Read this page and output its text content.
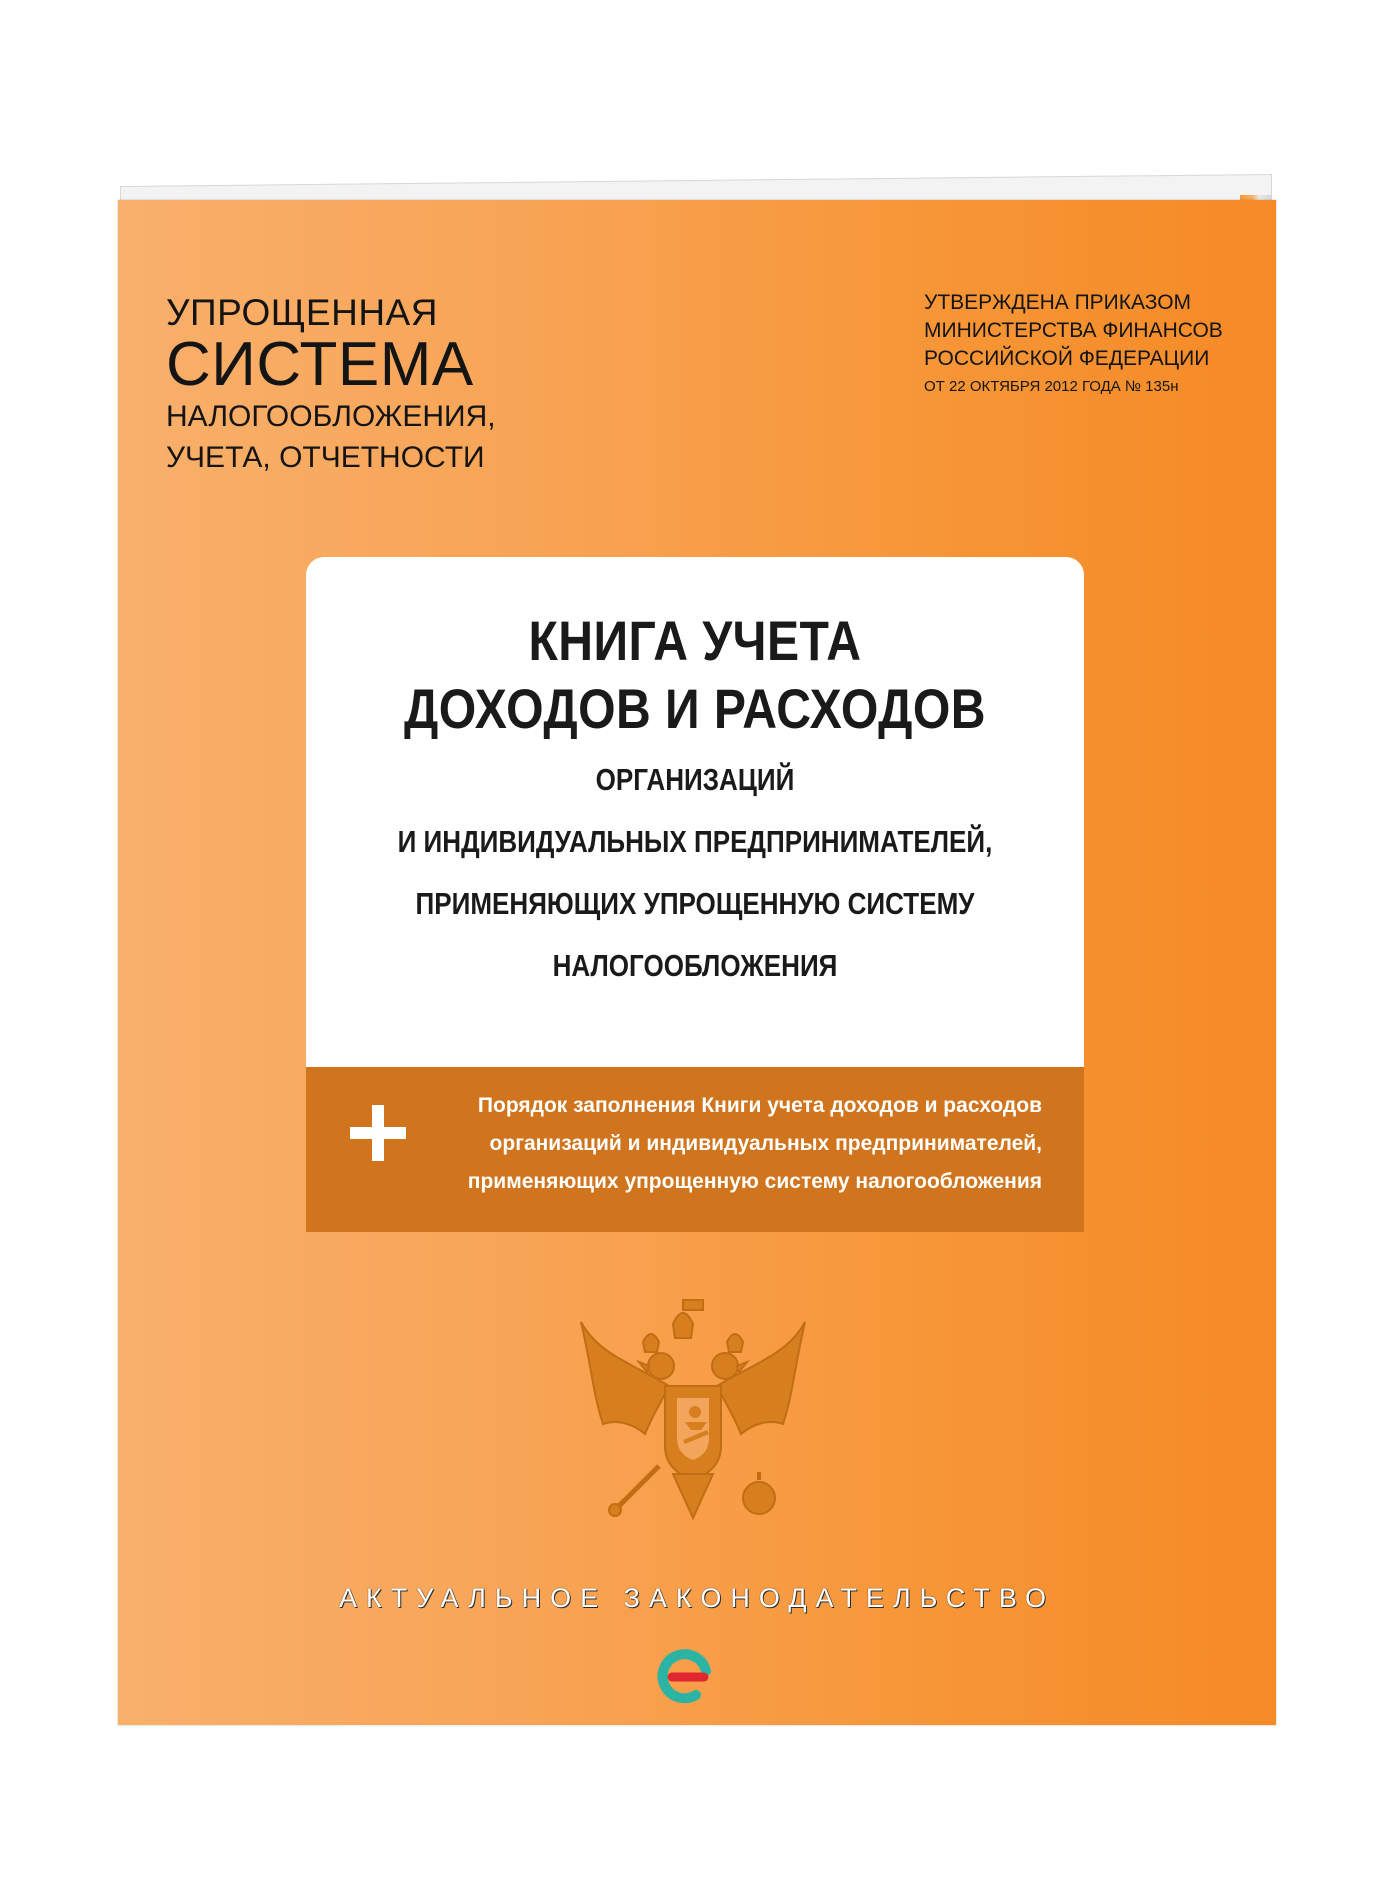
УПРОЩЕННАЯ
СИСТЕМА
НАЛОГООБЛОЖЕНИЯ,
УЧЕТА, ОТЧЕТНОСТИ
УТВЕРЖДЕНА ПРИКАЗОМ
МИНИСТЕРСТВА ФИНАНСОВ
РОССИЙСКОЙ ФЕДЕРАЦИИ
ОТ 22 ОКТЯБРЯ 2012 ГОДА № 135н
КНИГА УЧЕТА
ДОХОДОВ И РАСХОДОВ
ОРГАНИЗАЦИЙ
И ИНДИВИДУАЛЬНЫХ ПРЕДПРИНИМАТЕЛЕЙ,
ПРИМЕНЯЮЩИХ УПРОЩЕННУЮ СИСТЕМУ
НАЛОГООБЛОЖЕНИЯ
Порядок заполнения Книги учета доходов и расходов
организаций и индивидуальных предпринимателей,
применяющих упрощенную систему налогообложения
АКТУАЛЬНОЕ ЗАКОНОДАТЕЛЬСТВО
